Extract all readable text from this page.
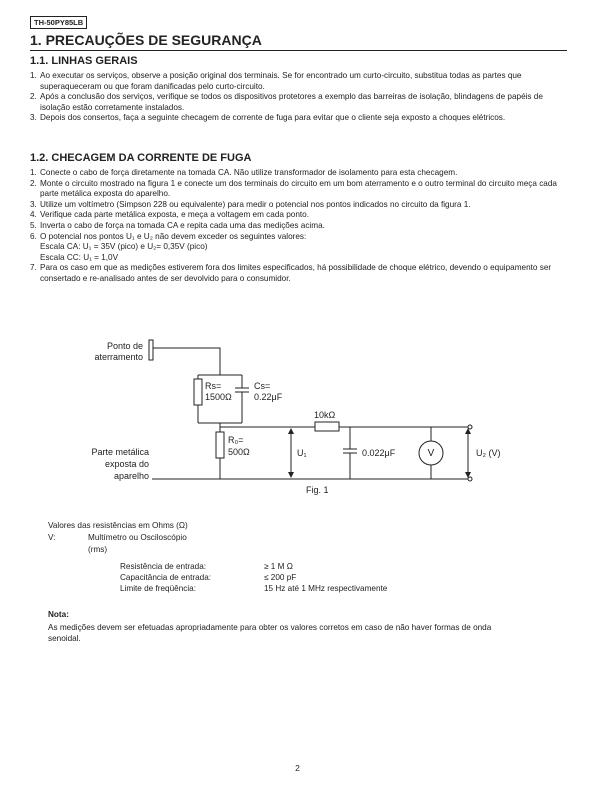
TH-50PY85LB
1. PRECAUÇÕES DE SEGURANÇA
1.1. LINHAS GERAIS
1. Ao executar os serviços, observe a posição original dos terminais. Se for encontrado um curto-circuito, substitua todas as partes que superaqueceram ou que foram danificadas pelo curto-circuito.
2. Após a conclusão dos serviços, verifique se todos os dispositivos protetores a exemplo das barreiras de isolação, blindagens de papéis de isolação estão corretamente instalados.
3. Depois dos consertos, faça a seguinte checagem de corrente de fuga para evitar que o cliente seja exposto a choques elétricos.
1.2. CHECAGEM DA CORRENTE DE FUGA
1. Conecte o cabo de força diretamente na tomada CA. Não utilize transformador de isolamento para esta checagem.
2. Monte o circuito mostrado na figura 1 e conecte um dos terminais do circuito em um bom aterramento e o outro terminal do circuito meça cada parte metálica exposta do aparelho.
3. Utilize um voltímetro (Simpson 228 ou equivalente) para medir o potencial nos pontos indicados no circuito da figura 1.
4. Verifique cada parte metálica exposta, e meça a voltagem em cada ponto.
5. Inverta o cabo de força na tomada CA e repita cada uma das medições acima.
6. O potencial nos pontos U₁ e U₂ não devem exceder os seguintes valores:
Escala CA: U₁ = 35V (pico) e U₂= 0,35V (pico)
Escala CC: U₁ = 1,0V
7. Para os caso em que as medições estiverem fora dos limites especificados, há possibilidade de choque elétrico, devendo o equipamento ser consertado e re-analisado antes de ser devolvido para o consumidor.
Ponto de
aterramento
Rs=
1500Ω
Cs=
0.22μF
10kΩ
R₀=
500Ω	U₁	0.022μF	V	U₂ (V)
Parte metálica
exposta do
aparelho
Fig. 1
Valores das resistências em Ohms (Ω)
V:	Multímetro ou Osciloscópio
(rms)
Resistência de entrada:	≥ 1 M Ω
Capacitância de entrada:	≤ 200 pF
Limite de freqüência:	15 Hz até 1 MHz respectivamente
Nota:
As medições devem ser efetuadas apropriadamente para obter os valores corretos em caso de não haver formas de onda senoidal.
2
